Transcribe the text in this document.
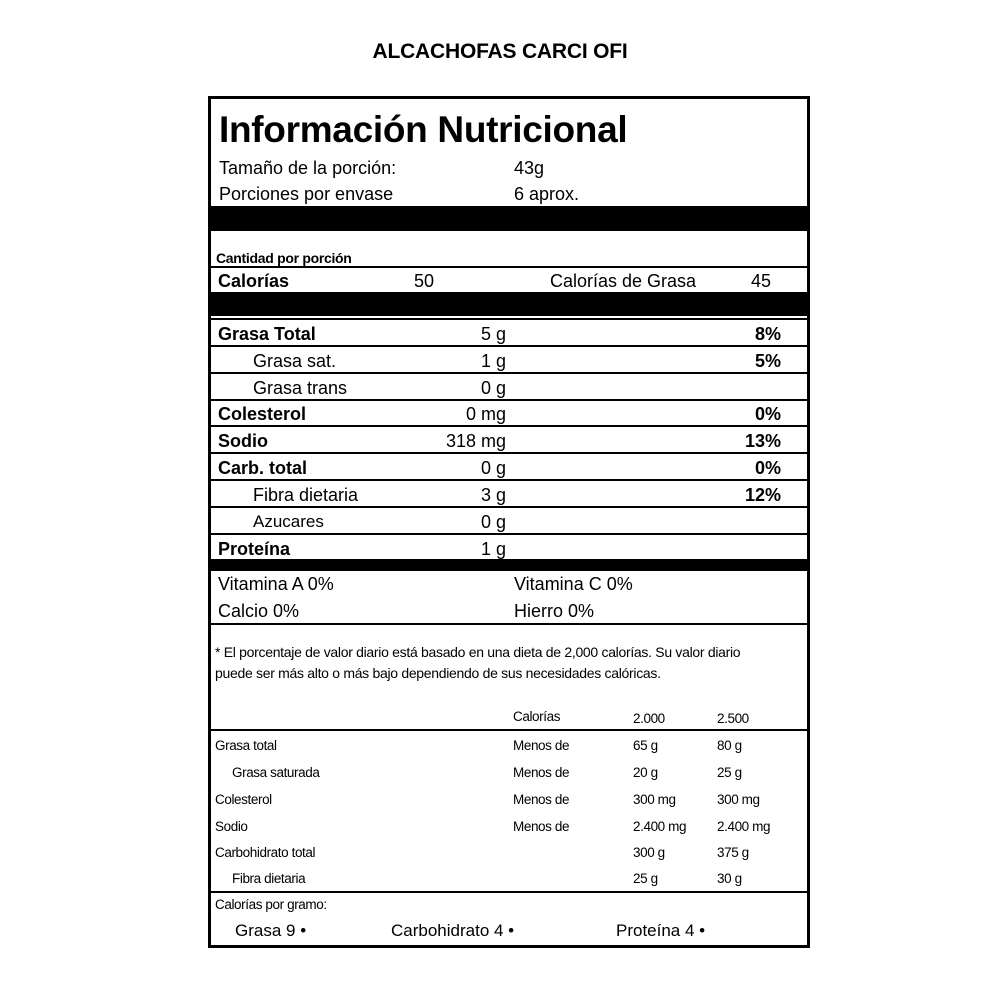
ALCACHOFAS CARCI OFI
Información Nutricional
Tamaño de la porción:	43g
Porciones por envase	6 aprox.
Cantidad por porción
Calorías	50	Calorías de Grasa	45
Grasa Total	5 g	8%
Grasa sat.	1 g	5%
Grasa trans	0 g
Colesterol	0 mg	0%
Sodio	318 mg	13%
Carb. total	0 g	0%
Fibra dietaria	3 g	12%
Azucares	0 g
Proteína	1 g
Vitamina A 0%	Vitamina C 0%
Calcio 0%	Hierro 0%
* El porcentaje de valor diario está basado en una dieta de 2,000 calorías. Su valor diario
puede ser más alto o más bajo dependiendo de sus necesidades calóricas.
Calorías	2.000	2.500
Grasa total	Menos de	65 g	80 g
Grasa saturada	Menos de	20 g	25 g
Colesterol	Menos de	300 mg	300 mg
Sodio	Menos de	2.400 mg 2.400 mg
Carbohidrato total	300 g	375 g
Fibra dietaria	25 g	30 g
Calorías por gramo:
Grasa 9 •	Carbohidrato 4 •	Proteína 4 •
